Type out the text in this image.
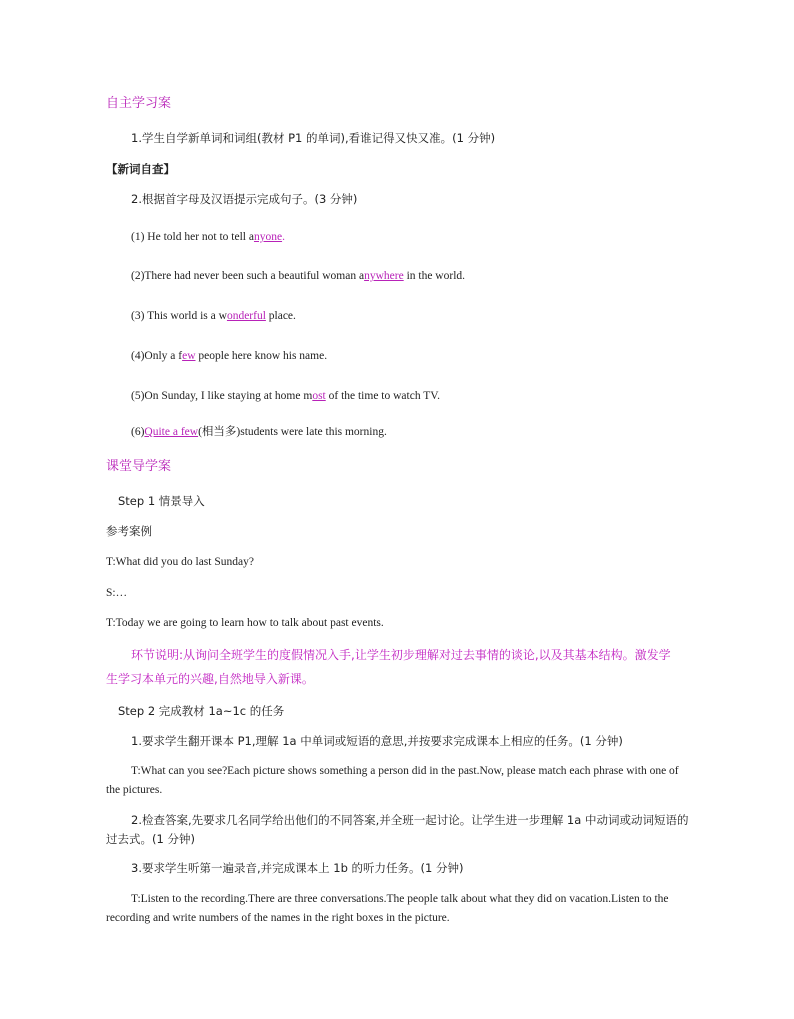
自主学习案
1.学生自学新单词和词组(教材 P1 的单词),看谁记得又快又准。(1 分钟)
【新词自查】
2.根据首字母及汉语提示完成句子。(3 分钟)
(1) He told her not to tell anyone.
(2)There had never been such a beautiful woman anywhere in the world.
(3) This world is a wonderful place.
(4)Only a few people here know his name.
(5)On Sunday, I like staying at home most of the time to watch TV.
(6)Quite a few(相当多)students were late this morning.
课堂导学案
Step 1 情景导入
参考案例
T:What did you do last Sunday?
S:…
T:Today we are going to learn how to talk about past events.
环节说明:从询问全班学生的度假情况入手,让学生初步理解对过去事情的谈论,以及其基本结构。激发学
生学习本单元的兴趣,自然地导入新课。
Step 2 完成教材 1a~1c 的任务
1.要求学生翻开课本 P1,理解 1a 中单词或短语的意思,并按要求完成课本上相应的任务。(1 分钟)
T:What can you see?Each picture shows something a person did in the past.Now, please match each phrase with one of the pictures.
2.检查答案,先要求几名同学给出他们的不同答案,并全班一起讨论。让学生进一步理解 1a 中动词或动词短语的过去式。(1 分钟)
3.要求学生听第一遍录音,并完成课本上 1b 的听力任务。(1 分钟)
T:Listen to the recording.There are three conversations.The people talk about what they did on vacation.Listen to the recording and write numbers of the names in the right boxes in the picture.
